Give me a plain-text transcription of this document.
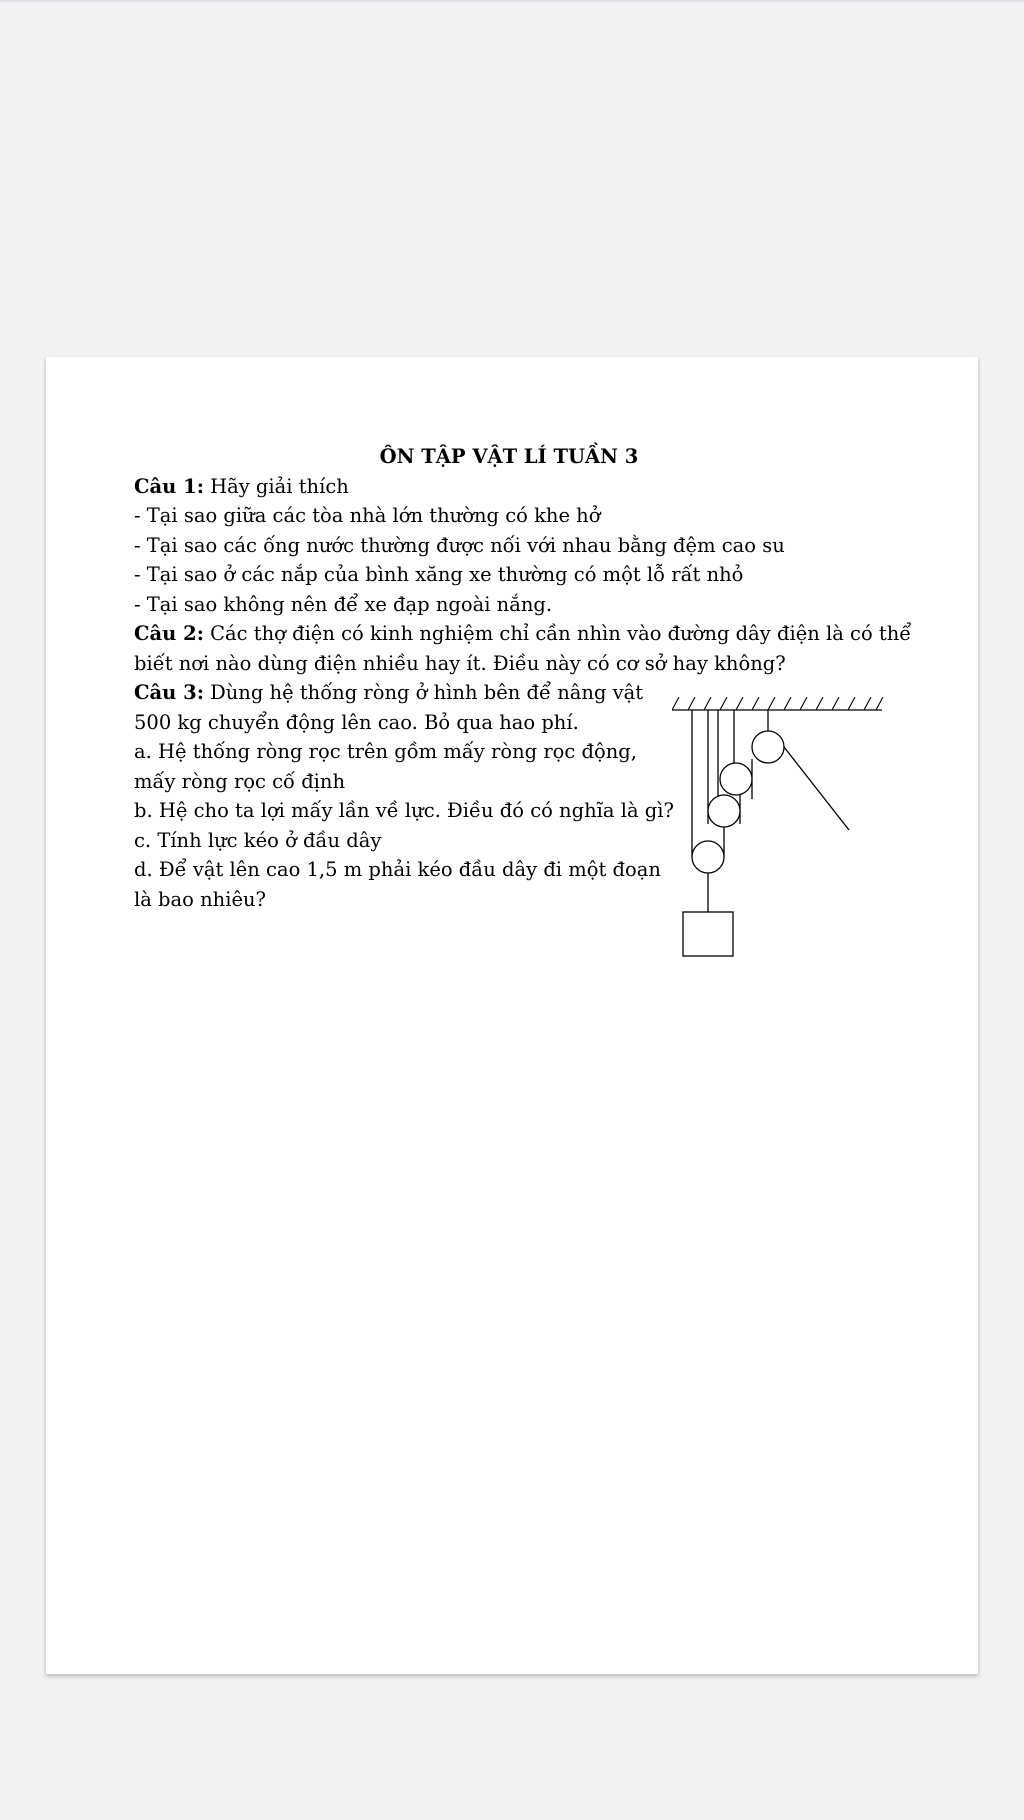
ÔN TẬP VẬT LÍ TUẦN 3
Câu 1: Hãy giải thích
- Tại sao giữa các tòa nhà lớn thường có khe hở
- Tại sao các ống nước thường được nối với nhau bằng đệm cao su
- Tại sao ở các nắp của bình xăng xe thường có một lỗ rất nhỏ
- Tại sao không nên để xe đạp ngoài nắng.
Câu 2: Các thợ điện có kinh nghiệm chỉ cần nhìn vào đường dây điện là có thể
biết nơi nào dùng điện nhiều hay ít. Điều này có cơ sở hay không?
Câu 3: Dùng hệ thống ròng ở hình bên để nâng vật
500 kg chuyển động lên cao. Bỏ qua hao phí.
a. Hệ thống ròng rọc trên gồm mấy ròng rọc động,
mấy ròng rọc cố định
b. Hệ cho ta lợi mấy lần về lực. Điều đó có nghĩa là gì?
c. Tính lực kéo ở đầu dây
d. Để vật lên cao 1,5 m phải kéo đầu dây đi một đoạn
là bao nhiêu?
